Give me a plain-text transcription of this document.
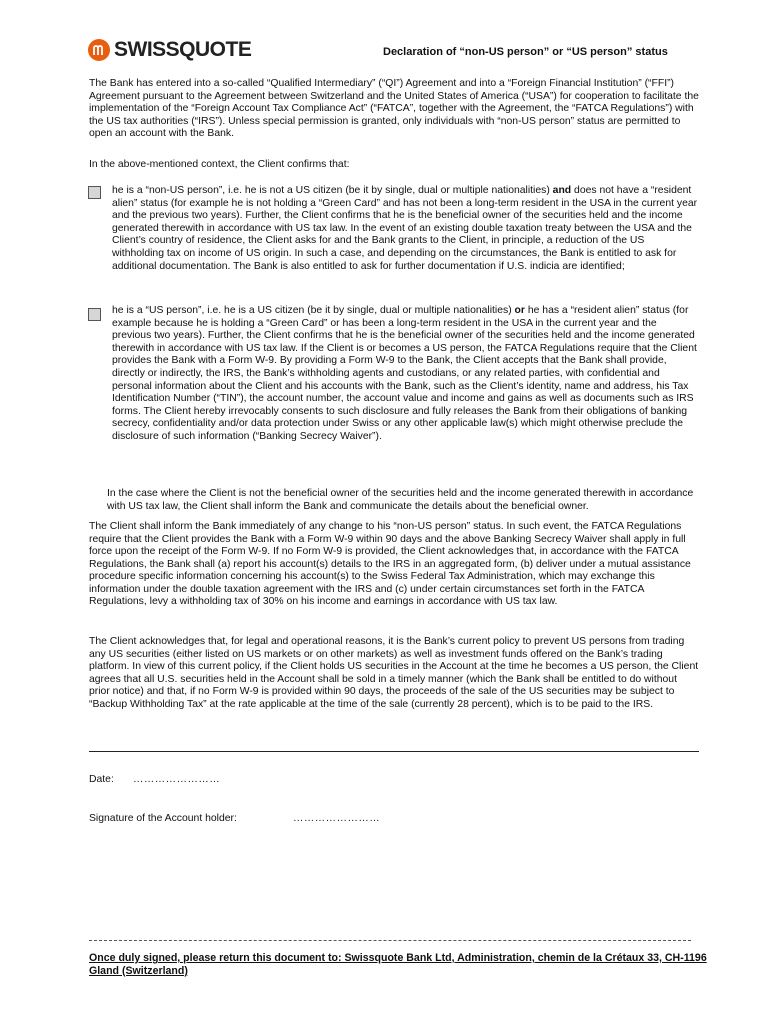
SWISSQUOTE	Declaration of “non-US person” or “US person” status
The Bank has entered into a so-called “Qualified Intermediary” (“QI”) Agreement and into a “Foreign Financial Institution” (“FFI”) Agreement pursuant to the Agreement between Switzerland and the United States of America (“USA”) for cooperation to facilitate the implementation of the “Foreign Account Tax Compliance Act” (“FATCA”, together with the Agreement, the “FATCA Regulations”) with the US tax authorities (“IRS”). Unless special permission is granted, only individuals with “non-US person” status are permitted to open an account with the Bank.
In the above-mentioned context, the Client confirms that:
he is a “non-US person”, i.e. he is not a US citizen (be it by single, dual or multiple nationalities) and does not have a “resident alien” status (for example he is not holding a “Green Card” and has not been a long-term resident in the USA in the current year and the previous two years). Further, the Client confirms that he is the beneficial owner of the securities held and the income generated therewith in accordance with US tax law. In the event of an existing double taxation treaty between the USA and the Client’s country of residence, the Client asks for and the Bank grants to the Client, in principle, a reduction of the US withholding tax on income of US origin. In such a case, and depending on the circumstances, the Bank is entitled to ask for additional documentation. The Bank is also entitled to ask for further documentation if U.S. indicia are identified;
he is a “US person”, i.e. he is a US citizen (be it by single, dual or multiple nationalities) or he has a “resident alien” status (for example because he is holding a “Green Card” or has been a long-term resident in the USA in the current year and the previous two years). Further, the Client confirms that he is the beneficial owner of the securities held and the income generated therewith in accordance with US tax law. If the Client is or becomes a US person, the FATCA Regulations require that the Client provides the Bank with a Form W-9. By providing a Form W-9 to the Bank, the Client accepts that the Bank shall provide, directly or indirectly, the IRS, the Bank’s withholding agents and custodians, or any related parties, with confidential and personal information about the Client and his accounts with the Bank, such as the Client’s identity, name and address, his Tax Identification Number (“TIN”), the account number, the account value and income and gains as well as documents such as IRS forms. The Client hereby irrevocably consents to such disclosure and fully releases the Bank from their obligations of banking secrecy, confidentiality and/or data protection under Swiss or any other applicable law(s) which might otherwise preclude the disclosure of such information (“Banking Secrecy Waiver”).
In the case where the Client is not the beneficial owner of the securities held and the income generated therewith in accordance with US tax law, the Client shall inform the Bank and communicate the details about the beneficial owner.
The Client shall inform the Bank immediately of any change to his “non-US person” status. In such event, the FATCA Regulations require that the Client provides the Bank with a Form W-9 within 90 days and the above Banking Secrecy Waiver shall apply in full force upon the receipt of the Form W-9. If no Form W-9 is provided, the Client acknowledges that, in accordance with the FATCA Regulations, the Bank shall (a) report his account(s) details to the IRS in an aggregated form, (b) deliver under a mutual assistance procedure specific information concerning his account(s) to the Swiss Federal Tax Administration, which may exchange this information under the double taxation agreement with the IRS and (c) under certain circumstances set forth in the FATCA Regulations, levy a withholding tax of 30% on his income and earnings in accordance with US tax law.
The Client acknowledges that, for legal and operational reasons, it is the Bank’s current policy to prevent US persons from trading any US securities (either listed on US markets or on other markets) as well as investment funds offered on the Bank’s trading platform. In view of this current policy, if the Client holds US securities in the Account at the time he becomes a US person, the Client agrees that all U.S. securities held in the Account shall be sold in a timely manner (which the Bank shall be entitled to do without prior notice) and that, if no Form W-9 is provided within 90 days, the proceeds of the sale of the US securities may be subject to “Backup Withholding Tax” at the rate applicable at the time of the sale (currently 28 percent), which is to be paid to the IRS.
Date: ……………………
Signature of the Account holder:	……………………
Once duly signed, please return this document to: Swissquote Bank Ltd, Administration, chemin de la Crétaux 33, CH-1196 Gland (Switzerland)
